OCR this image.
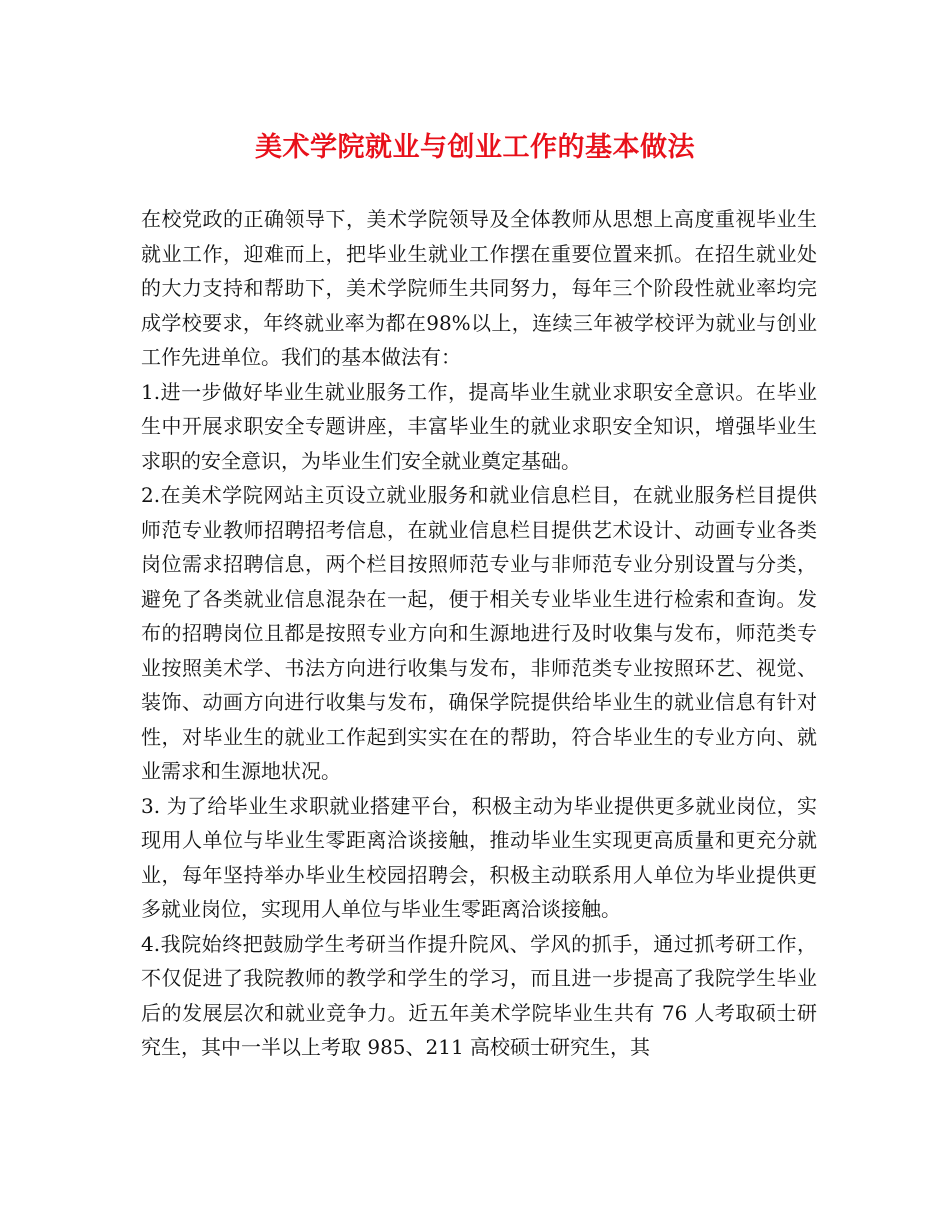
美术学院就业与创业工作的基本做法

在校党政的正确领导下，美术学院领导及全体教师从思想上高度重视毕业生就业工作，迎难而上，把毕业生就业工作摆在重要位置来抓。在招生就业处的大力支持和帮助下，美术学院师生共同努力，每年三个阶段性就业率均完成学校要求，年终就业率为都在98%以上，连续三年被学校评为就业与创业工作先进单位。我们的基本做法有：

1.进一步做好毕业生就业服务工作，提高毕业生就业求职安全意识。在毕业生中开展求职安全专题讲座，丰富毕业生的就业求职安全知识，增强毕业生求职的安全意识，为毕业生们安全就业奠定基础。

2.在美术学院网站主页设立就业服务和就业信息栏目，在就业服务栏目提供师范专业教师招聘招考信息，在就业信息栏目提供艺术设计、动画专业各类岗位需求招聘信息，两个栏目按照师范专业与非师范专业分别设置与分类，避免了各类就业信息混杂在一起，便于相关专业毕业生进行检索和查询。发布的招聘岗位且都是按照专业方向和生源地进行及时收集与发布，师范类专业按照美术学、书法方向进行收集与发布，非师范类专业按照环艺、视觉、装饰、动画方向进行收集与发布，确保学院提供给毕业生的就业信息有针对性，对毕业生的就业工作起到实实在在的帮助，符合毕业生的专业方向、就业需求和生源地状况。

3. 为了给毕业生求职就业搭建平台，积极主动为毕业提供更多就业岗位，实现用人单位与毕业生零距离洽谈接触，推动毕业生实现更高质量和更充分就业，每年坚持举办毕业生校园招聘会，积极主动联系用人单位为毕业提供更多就业岗位，实现用人单位与毕业生零距离洽谈接触。

4.我院始终把鼓励学生考研当作提升院风、学风的抓手，通过抓考研工作，不仅促进了我院教师的教学和学生的学习，而且进一步提高了我院学生毕业后的发展层次和就业竞争力。近五年美术学院毕业生共有 76 人考取硕士研究生，其中一半以上考取 985、211 高校硕士研究生，其
